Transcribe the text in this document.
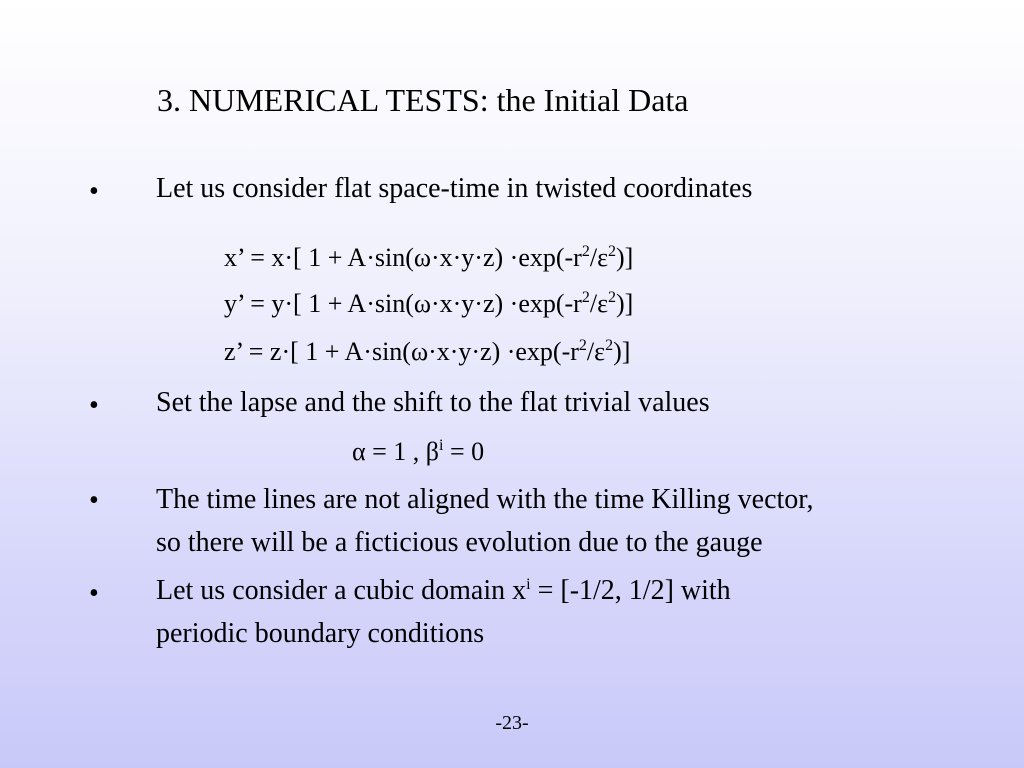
3. NUMERICAL TESTS: the Initial Data
• Let us consider flat space-time in twisted coordinates
x’ = x·[ $1 + A\cdot\sin(\omega\cdot x\cdot y\cdot z) \cdot\exp(-r^2/\varepsilon^2)$]
y’ = y·[ $1 + A\cdot\sin(\omega\cdot x\cdot y\cdot z) \cdot\exp(-r^2/\varepsilon^2)$]
z’ = z·[ $1 + A\cdot\sin(\omega\cdot x\cdot y\cdot z) \cdot\exp(-r^2/\varepsilon^2)$]
• Set the lapse and the shift to the flat trivial values
α = 1 , $\beta^i = 0$
• The time lines are not aligned with the time Killing vector,
so there will be a ficticious evolution due to the gauge
• Let us consider a cubic domain $x^i = [-1/2$, 1/2] with
periodic boundary conditions
-23-
